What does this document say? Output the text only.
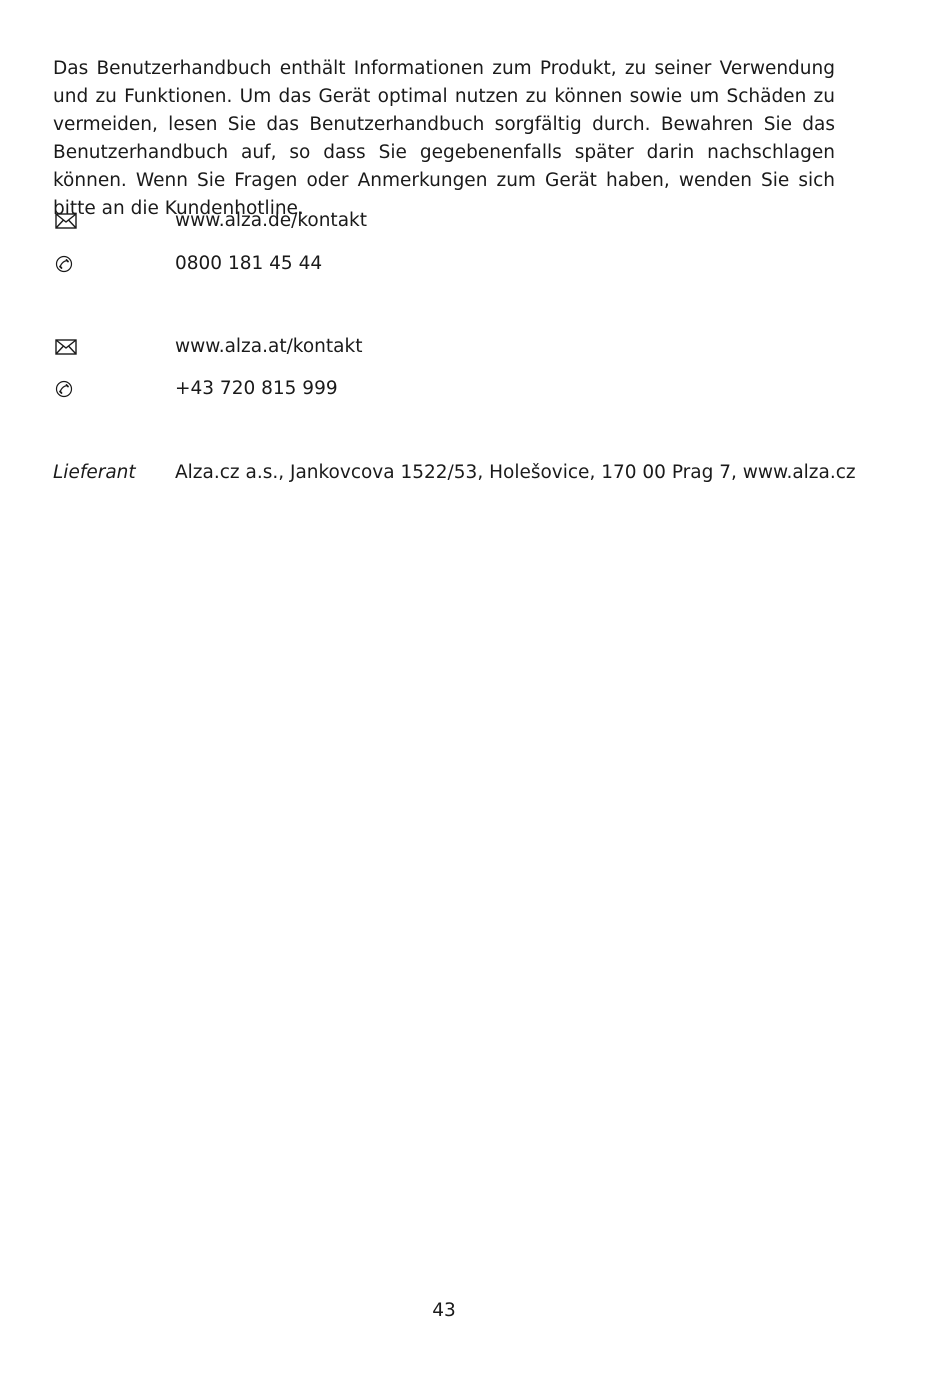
Das Benutzerhandbuch enthält Informationen zum Produkt, zu seiner Verwendung und zu Funktionen. Um das Gerät optimal nutzen zu können sowie um Schäden zu vermeiden, lesen Sie das Benutzerhandbuch sorgfältig durch. Bewahren Sie das Benutzerhandbuch auf, so dass Sie gegebenenfalls später darin nachschlagen können. Wenn Sie Fragen oder Anmerkungen zum Gerät haben, wenden Sie sich bitte an die Kundenhotline.

www.alza.de/kontakt
0800 181 45 44
www.alza.at/kontakt
+43 720 815 999
Lieferant Alza.cz a.s., Jankovcova 1522/53, Holešovice, 170 00 Prag 7, www.alza.cz
43
